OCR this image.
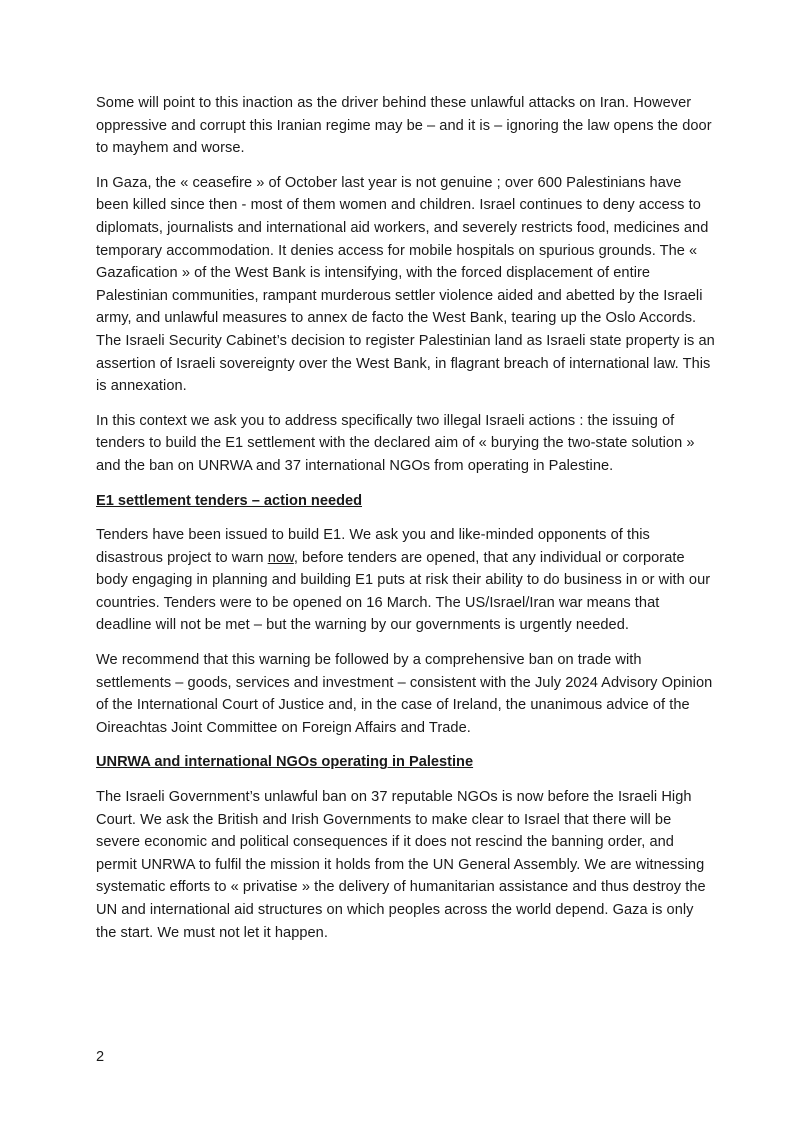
Some will point to this inaction as the driver behind these unlawful attacks on Iran. However oppressive and corrupt this Iranian regime may be – and it is – ignoring the law opens the door to mayhem and worse.

In Gaza, the « ceasefire » of October last year is not genuine ; over 600 Palestinians have been killed since then - most of them women and children. Israel continues to deny access to diplomats, journalists and international aid workers, and severely restricts food, medicines and temporary accommodation. It denies access for mobile hospitals on spurious grounds. The « Gazafication » of the West Bank is intensifying, with the forced displacement of entire Palestinian communities, rampant murderous settler violence aided and abetted by the Israeli army, and unlawful measures to annex de facto the West Bank, tearing up the Oslo Accords. The Israeli Security Cabinet’s decision to register Palestinian land as Israeli state property is an assertion of Israeli sovereignty over the West Bank, in flagrant breach of international law. This is annexation.

In this context we ask you to address specifically two illegal Israeli actions : the issuing of tenders to build the E1 settlement with the declared aim of « burying the two-state solution » and the ban on UNRWA and 37 international NGOs from operating in Palestine.

E1 settlement tenders – action needed

Tenders have been issued to build E1. We ask you and like-minded opponents of this disastrous project to warn now, before tenders are opened, that any individual or corporate body engaging in planning and building E1 puts at risk their ability to do business in or with our countries. Tenders were to be opened on 16 March. The US/Israel/Iran war means that deadline will not be met – but the warning by our governments is urgently needed.

We recommend that this warning be followed by a comprehensive ban on trade with settlements – goods, services and investment – consistent with the July 2024 Advisory Opinion of the International Court of Justice and, in the case of Ireland, the unanimous advice of the Oireachtas Joint Committee on Foreign Affairs and Trade.

UNRWA and international NGOs operating in Palestine

The Israeli Government’s unlawful ban on 37 reputable NGOs is now before the Israeli High Court. We ask the British and Irish Governments to make clear to Israel that there will be severe economic and political consequences if it does not rescind the banning order, and permit UNRWA to fulfil the mission it holds from the UN General Assembly. We are witnessing systematic efforts to « privatise » the delivery of humanitarian assistance and thus destroy the UN and international aid structures on which peoples across the world depend. Gaza is only the start. We must not let it happen.

2
